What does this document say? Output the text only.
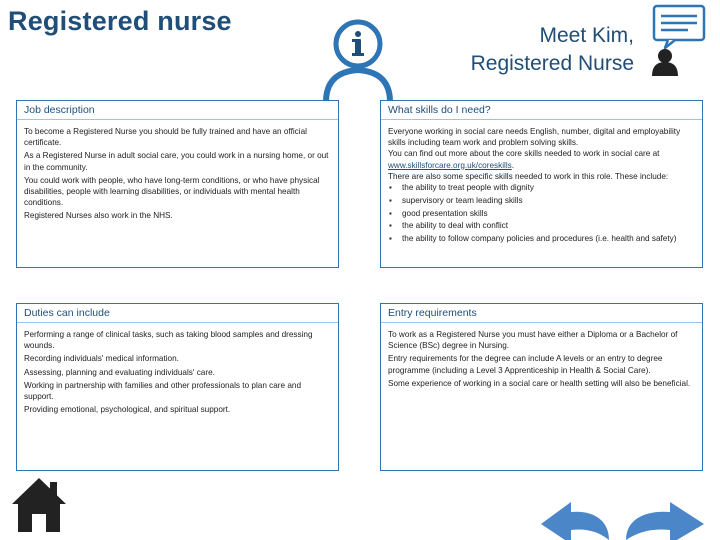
Registered nurse	Meet Kim,
Registered Nurse
Job description

To become a Registered Nurse you should be fully trained and have an official certificate.

As a Registered Nurse in adult social care, you could work in a nursing home, or out in the community.

You could work with people, who have long-term conditions, or who have physical disabilities, people with learning disabilities, or individuals with mental health conditions.

Registered Nurses also work in the NHS.

What skills do I need?

Everyone working in social care needs English, number, digital and employability skills including team work and problem solving skills.

You can find out more about the core skills needed to work in social care at www.skillsforcare.org.uk/coreskills.

There are also some specific skills needed to work in this role. These include:

▪ the ability to treat people with dignity
▪ supervisory or team leading skills
▪ good presentation skills
▪ the ability to deal with conflict
▪ the ability to follow company policies and procedures (i.e. health and safety)
Duties can include

Performing a range of clinical tasks, such as taking blood samples and dressing wounds.

Recording individuals' medical information.

Assessing, planning and evaluating individuals' care.

Working in partnership with families and other professionals to plan care and support.

Providing emotional, psychological, and spiritual support.

Entry requirements

To work as a Registered Nurse you must have either a Diploma or a Bachelor of Science (BSc) degree in Nursing.

Entry requirements for the degree can include A levels or an entry to degree programme (including a Level 3 Apprenticeship in Health & Social Care).

Some experience of working in a social care or health setting will also be beneficial.
